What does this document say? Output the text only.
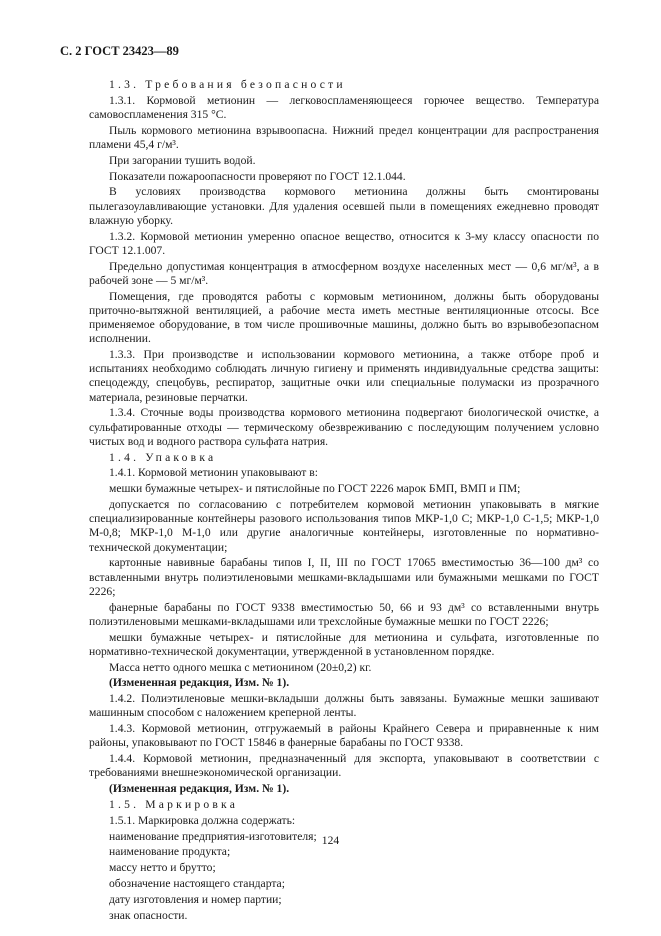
С. 2 ГОСТ 23423—89

1.3. Требования безопасности

1.3.1. Кормовой метионин — легковоспламеняющееся горючее вещество. Температура самовоспламенения 315 °С.

Пыль кормового метионина взрывоопасна. Нижний предел концентрации для распространения пламени 45,4 г/м³.

При загорании тушить водой.

Показатели пожароопасности проверяют по ГОСТ 12.1.044.

В условиях производства кормового метионина должны быть смонтированы пылегазоулавливающие установки. Для удаления осевшей пыли в помещениях ежедневно проводят влажную уборку.

1.3.2. Кормовой метионин умеренно опасное вещество, относится к 3-му классу опасности по ГОСТ 12.1.007.

Предельно допустимая концентрация в атмосферном воздухе населенных мест — 0,6 мг/м³, а в рабочей зоне — 5 мг/м³.

Помещения, где проводятся работы с кормовым метионином, должны быть оборудованы приточно-вытяжной вентиляцией, а рабочие места иметь местные вентиляционные отсосы. Все применяемое оборудование, в том числе прошивочные машины, должно быть во взрывобезопасном исполнении.

1.3.3. При производстве и использовании кормового метионина, а также отборе проб и испытаниях необходимо соблюдать личную гигиену и применять индивидуальные средства защиты: спецодежду, спецобувь, респиратор, защитные очки или специальные полумаски из прозрачного материала, резиновые перчатки.

1.3.4. Сточные воды производства кормового метионина подвергают биологической очистке, а сульфатированные отходы — термическому обезвреживанию с последующим получением условно чистых вод и водного раствора сульфата натрия.

1.4. Упаковка

1.4.1. Кормовой метионин упаковывают в:

мешки бумажные четырех- и пятислойные по ГОСТ 2226 марок БМП, ВМП и ПМ;

допускается по согласованию с потребителем кормовой метионин упаковывать в мягкие специализированные контейнеры разового использования типов МКР-1,0 С; МКР-1,0 С-1,5; МКР-1,0 М-0,8; МКР-1,0 М-1,0 или другие аналогичные контейнеры, изготовленные по нормативно-технической документации;

картонные навивные барабаны типов I, II, III по ГОСТ 17065 вместимостью 36—100 дм³ со вставленными внутрь полиэтиленовыми мешками-вкладышами или бумажными мешками по ГОСТ 2226;

фанерные барабаны по ГОСТ 9338 вместимостью 50, 66 и 93 дм³ со вставленными внутрь полиэтиленовыми мешками-вкладышами или трехслойные бумажные мешки по ГОСТ 2226;

мешки бумажные четырех- и пятислойные для метионина и сульфата, изготовленные по нормативно-технической документации, утвержденной в установленном порядке.

Масса нетто одного мешка с метионином (20±0,2) кг.

(Измененная редакция, Изм. № 1).

1.4.2. Полиэтиленовые мешки-вкладыши должны быть завязаны. Бумажные мешки зашивают машинным способом с наложением креперной ленты.

1.4.3. Кормовой метионин, отгружаемый в районы Крайнего Севера и приравненные к ним районы, упаковывают по ГОСТ 15846 в фанерные барабаны по ГОСТ 9338.

1.4.4. Кормовой метионин, предназначенный для экспорта, упаковывают в соответствии с требованиями внешнеэкономической организации.

(Измененная редакция, Изм. № 1).

1.5. Маркировка

1.5.1. Маркировка должна содержать:

наименование предприятия-изготовителя;

наименование продукта;

массу нетто и брутто;

обозначение настоящего стандарта;

дату изготовления и номер партии;

знак опасности.

124
